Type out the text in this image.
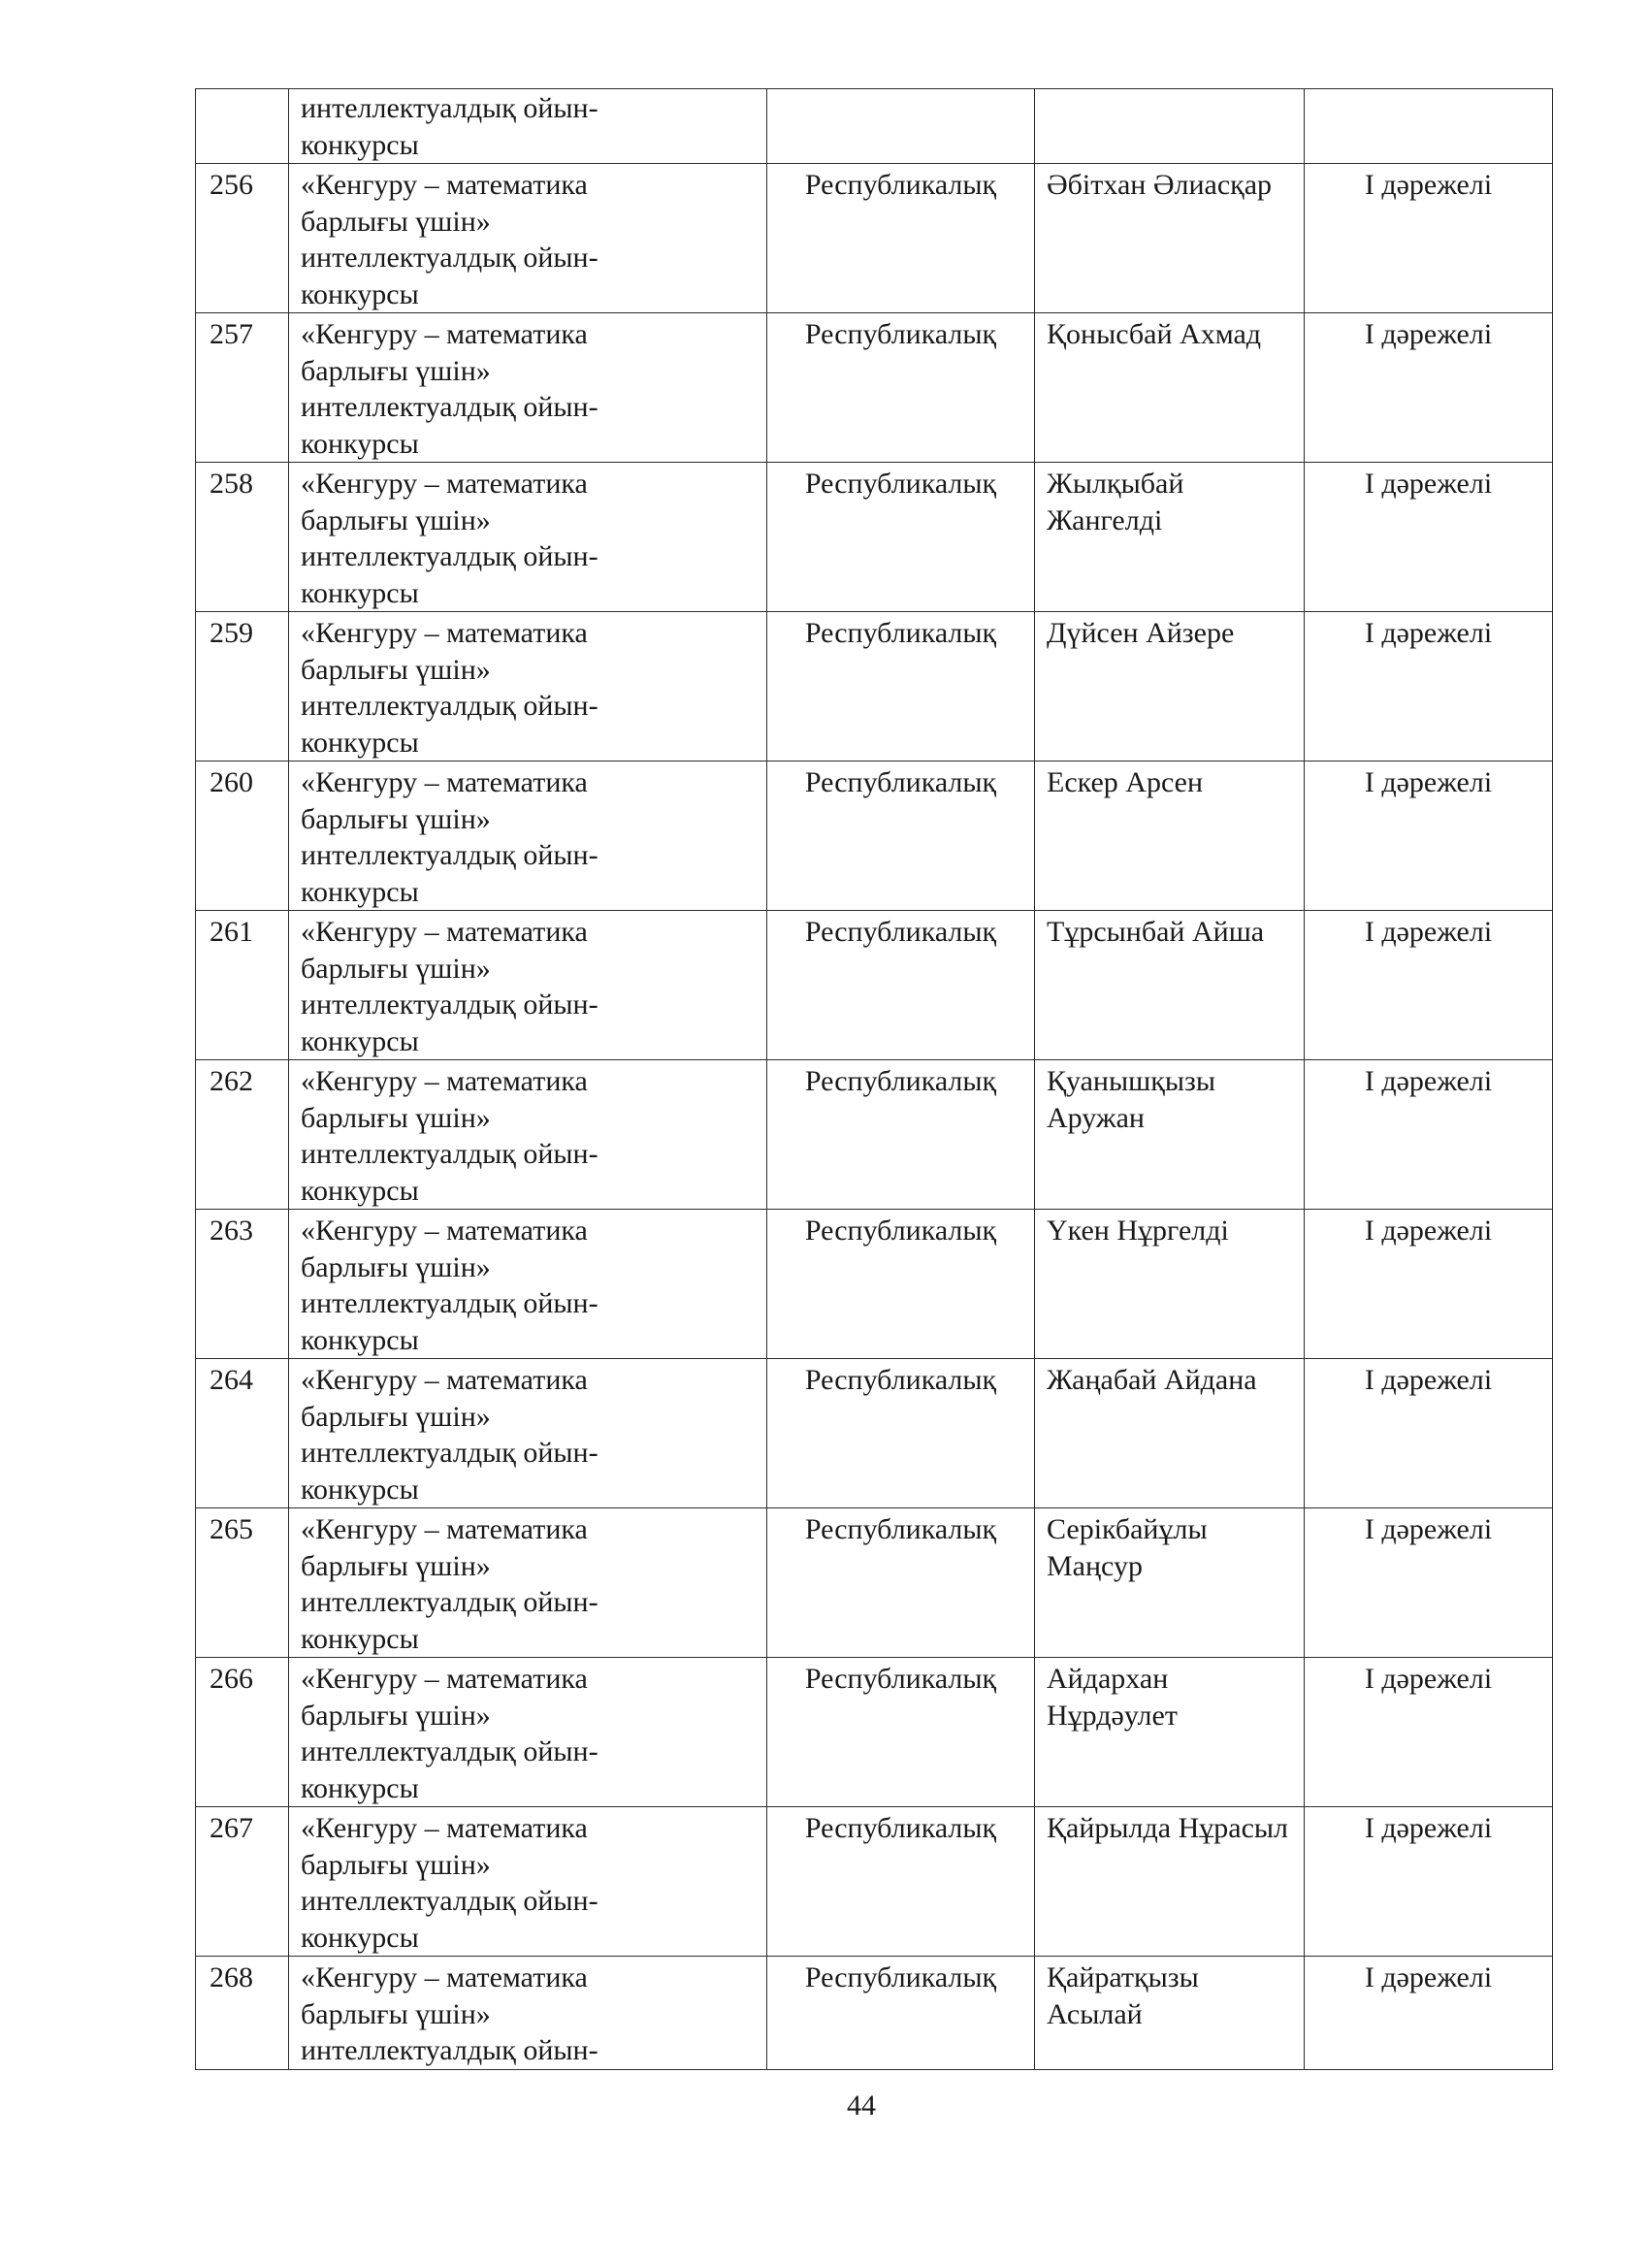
	интеллектуалдық ойын-
конкурсы			

256	«Кенгуру – математика
барлығы үшін»
интеллектуалдық ойын-
конкурсы	Республикалық	Әбітхан Әлиасқар	І дәрежелі
257	«Кенгуру – математика
барлығы үшін»
интеллектуалдық ойын-
конкурсы	Республикалық	Қонысбай Ахмад	І дәрежелі
258	«Кенгуру – математика
барлығы үшін»
интеллектуалдық ойын-
конкурсы	Республикалық	Жылқыбай Жангелді	І дәрежелі
259	«Кенгуру – математика
барлығы үшін»
интеллектуалдық ойын-
конкурсы	Республикалық	Дүйсен Айзере	І дәрежелі
260	«Кенгуру – математика
барлығы үшін»
интеллектуалдық ойын-
конкурсы	Республикалық	Ескер Арсен	І дәрежелі
261	«Кенгуру – математика
барлығы үшін»
интеллектуалдық ойын-
конкурсы	Республикалық	Тұрсынбай Айша	І дәрежелі
262	«Кенгуру – математика
барлығы үшін»
интеллектуалдық ойын-
конкурсы	Республикалық	Қуанышқызы Аружан	І дәрежелі
263	«Кенгуру – математика
барлығы үшін»
интеллектуалдық ойын-
конкурсы	Республикалық	Үкен Нұргелді	І дәрежелі
264	«Кенгуру – математика
барлығы үшін»
интеллектуалдық ойын-
конкурсы	Республикалық	Жаңабай Айдана	І дәрежелі
265	«Кенгуру – математика
барлығы үшін»
интеллектуалдық ойын-
конкурсы	Республикалық	Серікбайұлы Маңсур	І дәрежелі
266	«Кенгуру – математика
барлығы үшін»
интеллектуалдық ойын-
конкурсы	Республикалық	Айдархан Нұрдәулет	І дәрежелі
267	«Кенгуру – математика
барлығы үшін»
интеллектуалдық ойын-
конкурсы	Республикалық	Қайрылда Нұрасыл	І дәрежелі
268	«Кенгуру – математика
барлығы үшін»
интеллектуалдық ойын-	Республикалық	Қайратқызы Асылай	І дәрежелі
44
